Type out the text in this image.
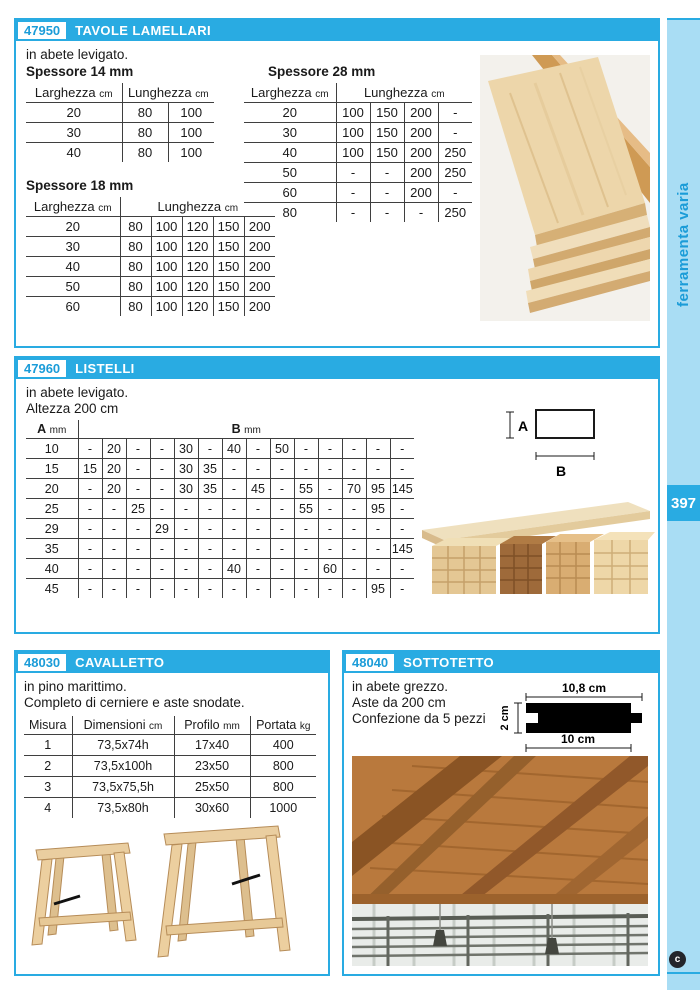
47950	TAVOLE LAMELLARI
in abete levigato.
Spessore 14 mm
Larghezza cm	Lunghezza cm	
20	80	100
30	80	100
40	80	100
Spessore 18 mm
Larghezza cm	Lunghezza cm				
20	80	100	120	150	200
30	80	100	120	150	200
40	80	100	120	150	200
50	80	100	120	150	200
60	80	100	120	150	200
Spessore 28 mm
Larghezza cm	Lunghezza cm			
20	100	150	200	-
30	100	150	200	-
40	100	150	200	250
50	-	-	200	250
60	-	-	200	-
80	-	-	-	250
47960	LISTELLI
in abete levigato.
Altezza 200 cm
A mm	B mm													
10	-	20	-	-	30	-	40	-	50	-	-	-	-	-
15	15	20	-	-	30	35	-	-	-	-	-	-	-	-
20	-	20	-	-	30	35	-	45	-	55	-	70	95	145
25	-	-	25	-	-	-	-	-	-	55	-	-	95	-
29	-	-	-	29	-	-	-	-	-	-	-	-	-	-
35	-	-	-	-	-	-	-	-	-	-	-	-	-	145
40	-	-	-	-	-	-	40	-	-	-	60	-	-	-
45	-	-	-	-	-	-	-	-	-	-	-	-	95	-
A
B
48030	CAVALLETTO
in pino marittimo.
Completo di cerniere e aste snodate.
Misura	Dimensioni cm	Profilo mm	Portata kg
1	73,5x74h	17x40	400
2	73,5x100h	23x50	800
3	73,5x75,5h	25x50	800
4	73,5x80h	30x60	1000
48040	SOTTOTETTO
in abete grezzo.
Aste da 200 cm
Confezione da 5 pezzi
10,8 cm
2 cm
10 cm
ferramenta varia
397
c
